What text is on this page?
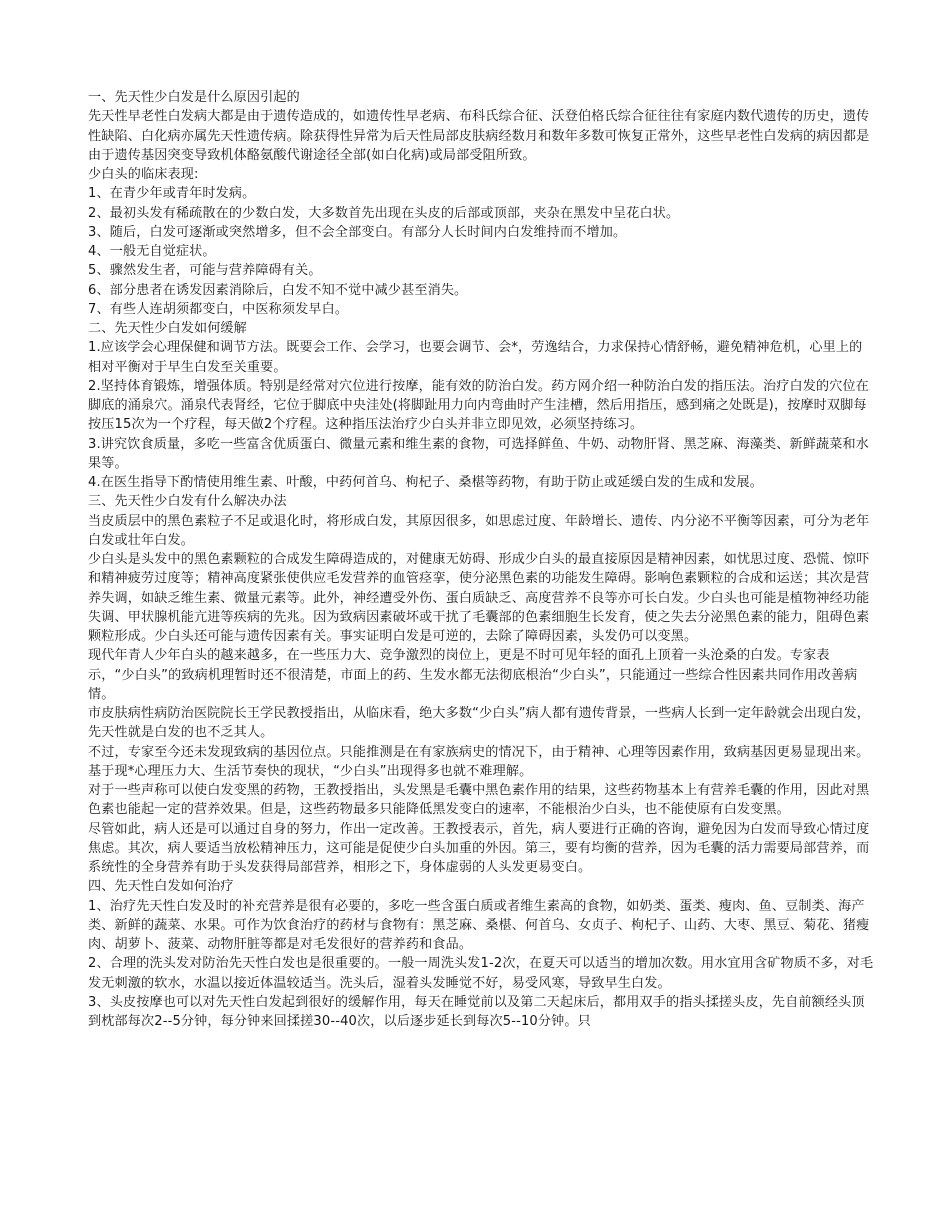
一、先天性少白发是什么原因引起的

先天性早老性白发病大都是由于遗传造成的，如遗传性早老病、布科氏综合征、沃登伯格氏综合征往往有家庭内数代遗传的历史，遗传性缺陷、白化病亦属先天性遗传病。除获得性异常为后天性局部皮肤病经数月和数年多数可恢复正常外，这些早老性白发病的病因都是由于遗传基因突变导致机体酪氨酸代谢途径全部(如白化病)或局部受阻所致。

少白头的临床表现:

1、在青少年或青年时发病。

2、最初头发有稀疏散在的少数白发，大多数首先出现在头皮的后部或顶部，夹杂在黑发中呈花白状。

3、随后，白发可逐渐或突然增多，但不会全部变白。有部分人长时间内白发维持而不增加。

4、一般无自觉症状。

5、骤然发生者，可能与营养障碍有关。

6、部分患者在诱发因素消除后，白发不知不觉中减少甚至消失。

7、有些人连胡须都变白，中医称须发早白。

二、先天性少白发如何缓解

1.应该学会心理保健和调节方法。既要会工作、会学习，也要会调节、会*，劳逸结合，力求保持心情舒畅，避免精神危机，心里上的相对平衡对于早生白发至关重要。

2.坚持体育锻炼，增强体质。特别是经常对穴位进行按摩，能有效的防治白发。药方网介绍一种防治白发的指压法。治疗白发的穴位在脚底的涌泉穴。涌泉代表肾经，它位于脚底中央洼处(将脚趾用力向内弯曲时产生洼槽，然后用指压，感到痛之处既是)，按摩时双脚每按压15次为一个疗程，每天做2个疗程。这种指压法治疗少白头并非立即见效，必须坚持练习。

3.讲究饮食质量，多吃一些富含优质蛋白、微量元素和维生素的食物，可选择鲜鱼、牛奶、动物肝肾、黑芝麻、海藻类、新鲜蔬菜和水果等。

4.在医生指导下酌情使用维生素、叶酸，中药何首乌、枸杞子、桑椹等药物，有助于防止或延缓白发的生成和发展。

三、先天性少白发有什么解决办法

当皮质层中的黑色素粒子不足或退化时，将形成白发，其原因很多，如思虑过度、年龄增长、遗传、内分泌不平衡等因素，可分为老年白发或壮年白发。

少白头是头发中的黑色素颗粒的合成发生障碍造成的，对健康无妨碍、形成少白头的最直接原因是精神因素，如忧思过度、恐慌、惊吓和精神疲劳过度等；精神高度紧张使供应毛发营养的血管痉挛，使分泌黑色素的功能发生障碍。影响色素颗粒的合成和运送；其次是营养失调，如缺乏维生素、微量元素等。此外，神经遭受外伤、蛋白质缺乏、高度营养不良等亦可长白发。少白头也可能是植物神经功能失调、甲状腺机能亢进等疾病的先兆。因为致病因素破坏或干扰了毛囊部的色素细胞生长发育，使之失去分泌黑色素的能力，阻碍色素颗粒形成。少白头还可能与遗传因素有关。事实证明白发是可逆的，去除了障碍因素，头发仍可以变黑。

现代年青人少年白头的越来越多，在一些压力大、竞争激烈的岗位上，更是不时可见年轻的面孔上顶着一头沧桑的白发。专家表示，“少白头”的致病机理暂时还不很清楚，市面上的药、生发水都无法彻底根治“少白头”，只能通过一些综合性因素共同作用改善病情。

市皮肤病性病防治医院院长王学民教授指出，从临床看，绝大多数“少白头”病人都有遗传背景，一些病人长到一定年龄就会出现白发，先天性就是白发的也不乏其人。

不过，专家至今还未发现致病的基因位点。只能推测是在有家族病史的情况下，由于精神、心理等因素作用，致病基因更易显现出来。基于现*心理压力大、生活节奏快的现状，“少白头”出现得多也就不难理解。

对于一些声称可以使白发变黑的药物，王教授指出，头发黑是毛囊中黑色素作用的结果，这些药物基本上有营养毛囊的作用，因此对黑色素也能起一定的营养效果。但是，这些药物最多只能降低黑发变白的速率，不能根治少白头，也不能使原有白发变黑。

尽管如此，病人还是可以通过自身的努力，作出一定改善。王教授表示，首先，病人要进行正确的咨询，避免因为白发而导致心情过度焦虑。其次，病人要适当放松精神压力，这可能是促使少白头加重的外因。第三，要有均衡的营养，因为毛囊的活力需要局部营养，而系统性的全身营养有助于头发获得局部营养，相形之下，身体虚弱的人头发更易变白。

四、先天性白发如何治疗

1、治疗先天性白发及时的补充营养是很有必要的，多吃一些含蛋白质或者维生素高的食物，如奶类、蛋类、瘦肉、鱼、豆制类、海产类、新鲜的蔬菜、水果。可作为饮食治疗的药材与食物有：黑芝麻、桑椹、何首乌、女贞子、枸杞子、山药、大枣、黑豆、菊花、猪瘦肉、胡萝卜、菠菜、动物肝脏等都是对毛发很好的营养药和食品。

2、合理的洗头发对防治先天性白发也是很重要的。一般一周洗头发1-2次，在夏天可以适当的增加次数。用水宜用含矿物质不多，对毛发无刺激的软水，水温以接近体温较适当。洗头后，湿着头发睡觉不好，易受风寒，导致早生白发。

3、头皮按摩也可以对先天性白发起到很好的缓解作用，每天在睡觉前以及第二天起床后，都用双手的指头揉搓头皮，先自前额经头顶到枕部每次2--5分钟，每分钟来回揉搓30--40次，以后逐步延长到每次5--10分钟。只
